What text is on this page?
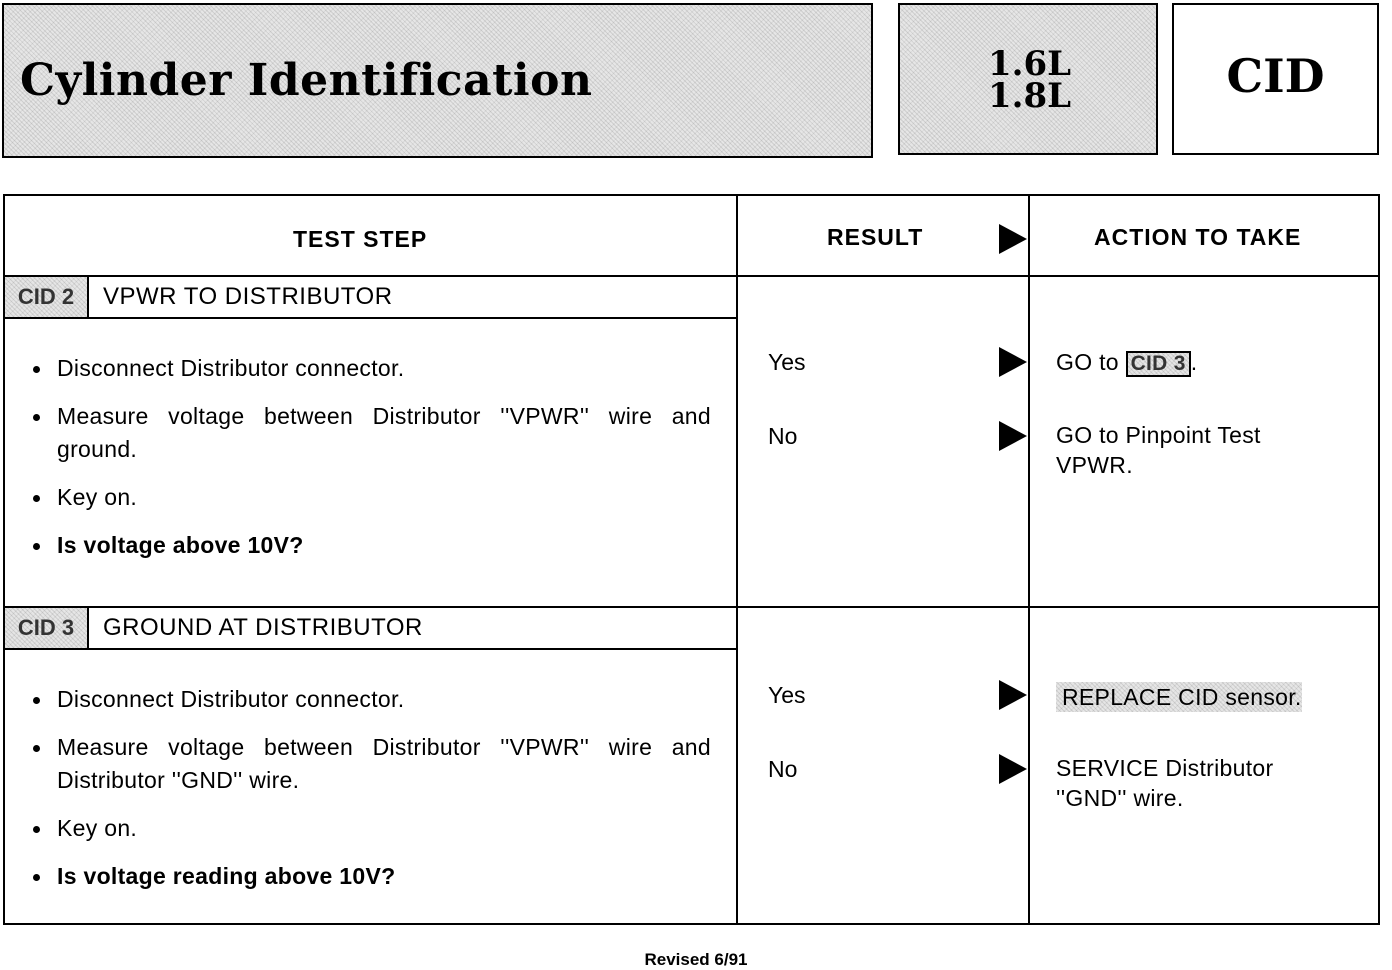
Cylinder Identification	1.6L
1.8L	CID
TEST STEP	RESULT	ACTION TO TAKE
CID 2	VPWR TO DISTRIBUTOR
Disconnect Distributor connector.
Measure voltage between Distributor ''VPWR'' wire and ground.
Key on.
Is voltage above 10V?
Yes	GO to CID 3 .
No	GO to Pinpoint Test VPWR.
CID 3	GROUND AT DISTRIBUTOR
Disconnect Distributor connector.
Measure voltage between Distributor ''VPWR'' wire and Distributor ''GND'' wire.
Key on.
Is voltage reading above 10V?
Yes	REPLACE CID sensor.
No	SERVICE Distributor ''GND'' wire.
Revised 6/91
